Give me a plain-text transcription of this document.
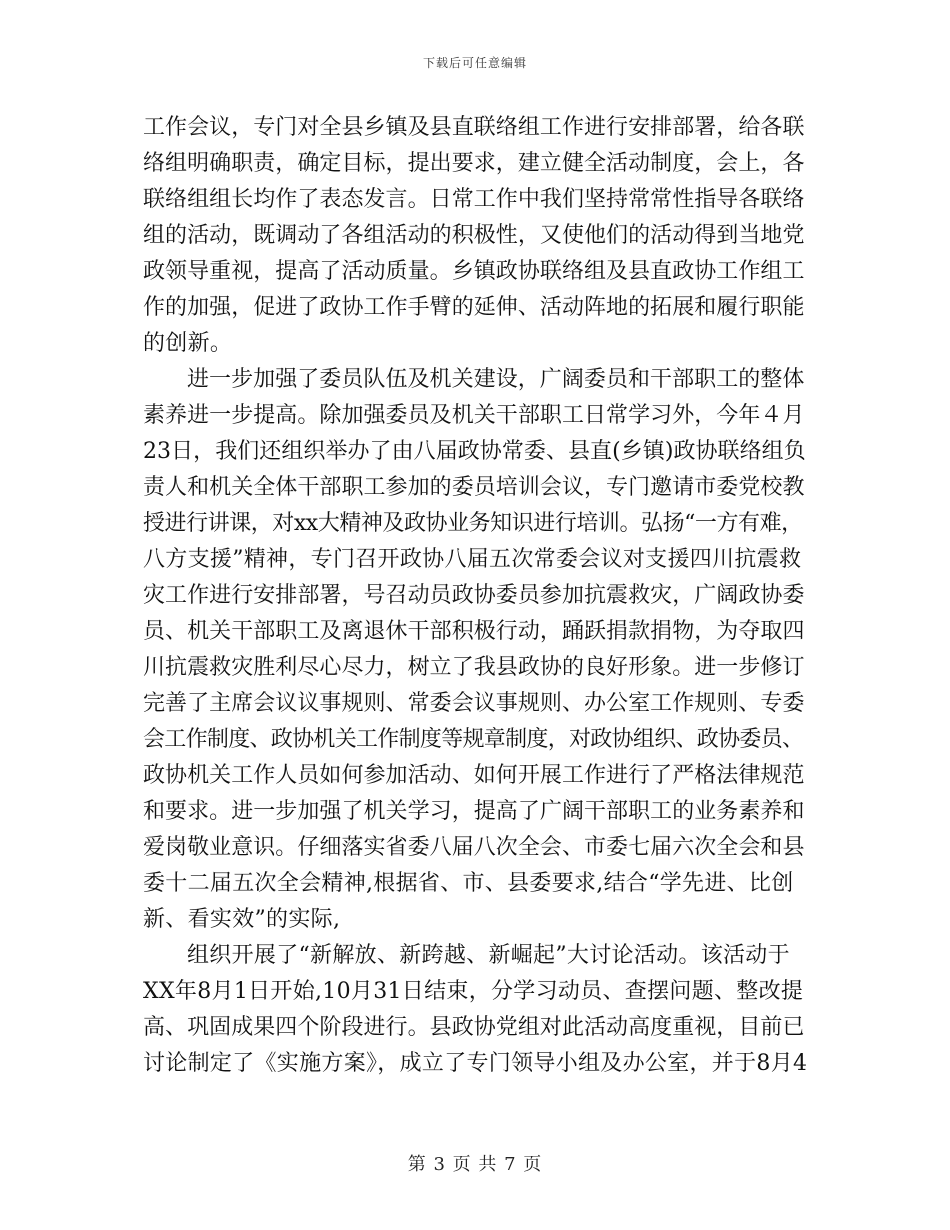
下载后可任意编辑
工作会议，专门对全县乡镇及县直联络组工作进行安排部署，给各联
络组明确职责，确定目标，提出要求，建立健全活动制度，会上，各
联络组组长均作了表态发言。日常工作中我们坚持常常性指导各联络
组的活动，既调动了各组活动的积极性，又使他们的活动得到当地党
政领导重视，提高了活动质量。乡镇政协联络组及县直政协工作组工
作的加强，促进了政协工作手臂的延伸、活动阵地的拓展和履行职能
的创新。
进一步加强了委员队伍及机关建设，广阔委员和干部职工的整体
素养进一步提高。除加强委员及机关干部职工日常学习外，今年４月
23日，我们还组织举办了由八届政协常委、县直(乡镇)政协联络组负
责人和机关全体干部职工参加的委员培训会议，专门邀请市委党校教
授进行讲课，对xx大精神及政协业务知识进行培训。弘扬“一方有难，
八方支援”精神，专门召开政协八届五次常委会议对支援四川抗震救
灾工作进行安排部署，号召动员政协委员参加抗震救灾，广阔政协委
员、机关干部职工及离退休干部积极行动，踊跃捐款捐物，为夺取四
川抗震救灾胜利尽心尽力，树立了我县政协的良好形象。进一步修订
完善了主席会议议事规则、常委会议事规则、办公室工作规则、专委
会工作制度、政协机关工作制度等规章制度，对政协组织、政协委员、
政协机关工作人员如何参加活动、如何开展工作进行了严格法律规范
和要求。进一步加强了机关学习，提高了广阔干部职工的业务素养和
爱岗敬业意识。仔细落实省委八届八次全会、市委七届六次全会和县
委十二届五次全会精神,根据省、市、县委要求,结合“学先进、比创
新、看实效”的实际,
组织开展了“新解放、新跨越、新崛起”大讨论活动。该活动于
XX年8月1日开始,10月31日结束，分学习动员、查摆问题、整改提
高、巩固成果四个阶段进行。县政协党组对此活动高度重视，目前已
讨论制定了《实施方案》，成立了专门领导小组及办公室，并于8月4
第 3 页 共 7 页
